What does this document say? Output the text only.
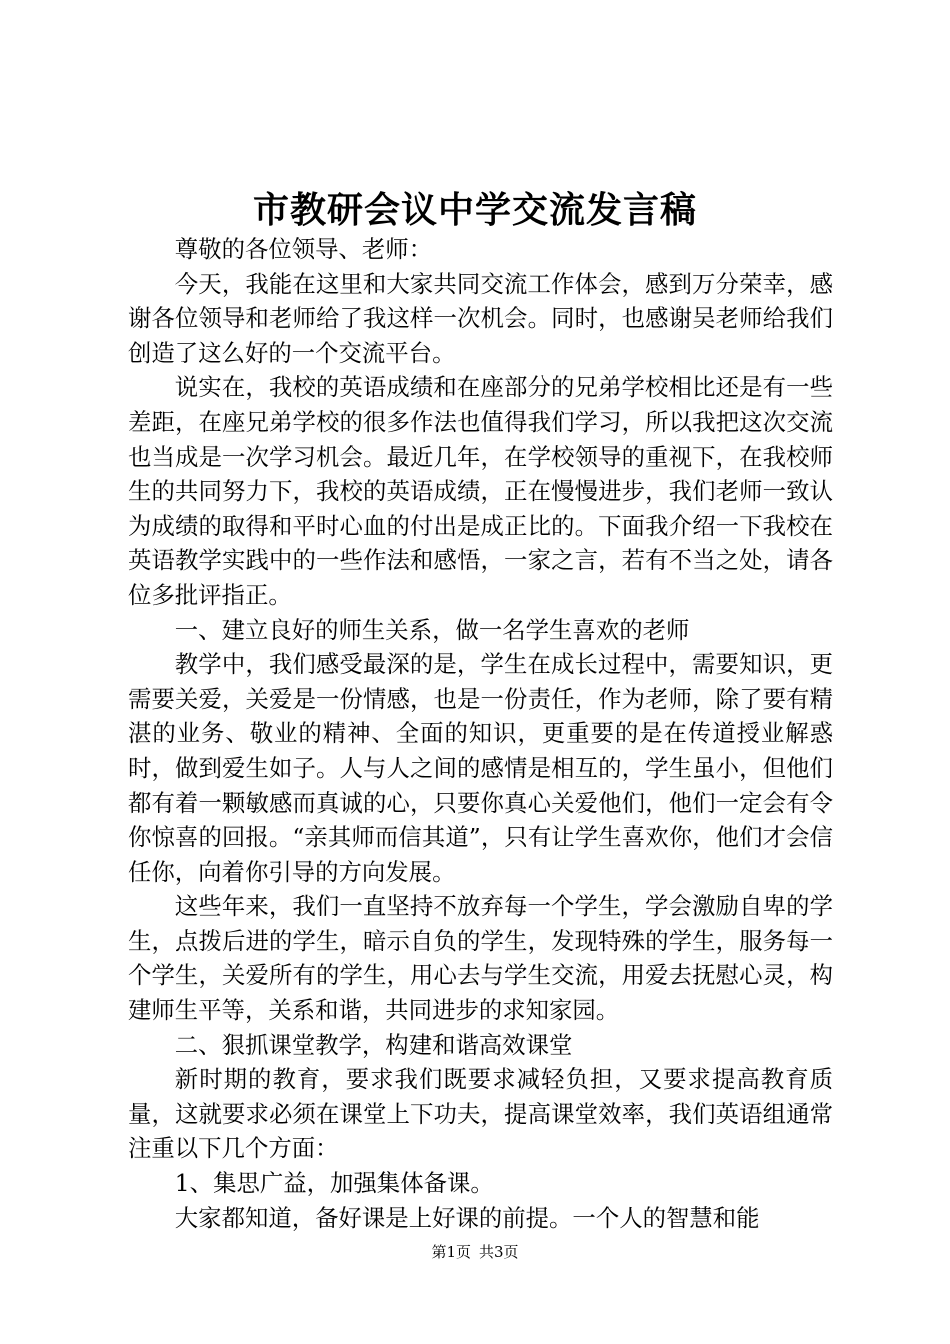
市教研会议中学交流发言稿

尊敬的各位领导、老师：

今天，我能在这里和大家共同交流工作体会，感到万分荣幸，感谢各位领导和老师给了我这样一次机会。同时，也感谢吴老师给我们创造了这么好的一个交流平台。

说实在，我校的英语成绩和在座部分的兄弟学校相比还是有一些差距，在座兄弟学校的很多作法也值得我们学习，所以我把这次交流也当成是一次学习机会。最近几年，在学校领导的重视下，在我校师生的共同努力下，我校的英语成绩，正在慢慢进步，我们老师一致认为成绩的取得和平时心血的付出是成正比的。下面我介绍一下我校在英语教学实践中的一些作法和感悟，一家之言，若有不当之处，请各位多批评指正。

一、建立良好的师生关系，做一名学生喜欢的老师

教学中，我们感受最深的是，学生在成长过程中，需要知识，更需要关爱，关爱是一份情感，也是一份责任，作为老师，除了要有精湛的业务、敬业的精神、全面的知识，更重要的是在传道授业解惑时，做到爱生如子。人与人之间的感情是相互的，学生虽小，但他们都有着一颗敏感而真诚的心，只要你真心关爱他们，他们一定会有令你惊喜的回报。“亲其师而信其道”，只有让学生喜欢你，他们才会信任你，向着你引导的方向发展。

这些年来，我们一直坚持不放弃每一个学生，学会激励自卑的学生，点拨后进的学生，暗示自负的学生，发现特殊的学生，服务每一个学生，关爱所有的学生，用心去与学生交流，用爱去抚慰心灵，构建师生平等，关系和谐，共同进步的求知家园。

二、狠抓课堂教学，构建和谐高效课堂

新时期的教育，要求我们既要求减轻负担，又要求提高教育质量，这就要求必须在课堂上下功夫，提高课堂效率，我们英语组通常注重以下几个方面：

1、集思广益，加强集体备课。

大家都知道，备好课是上好课的前提。一个人的智慧和能

第1页 共3页
